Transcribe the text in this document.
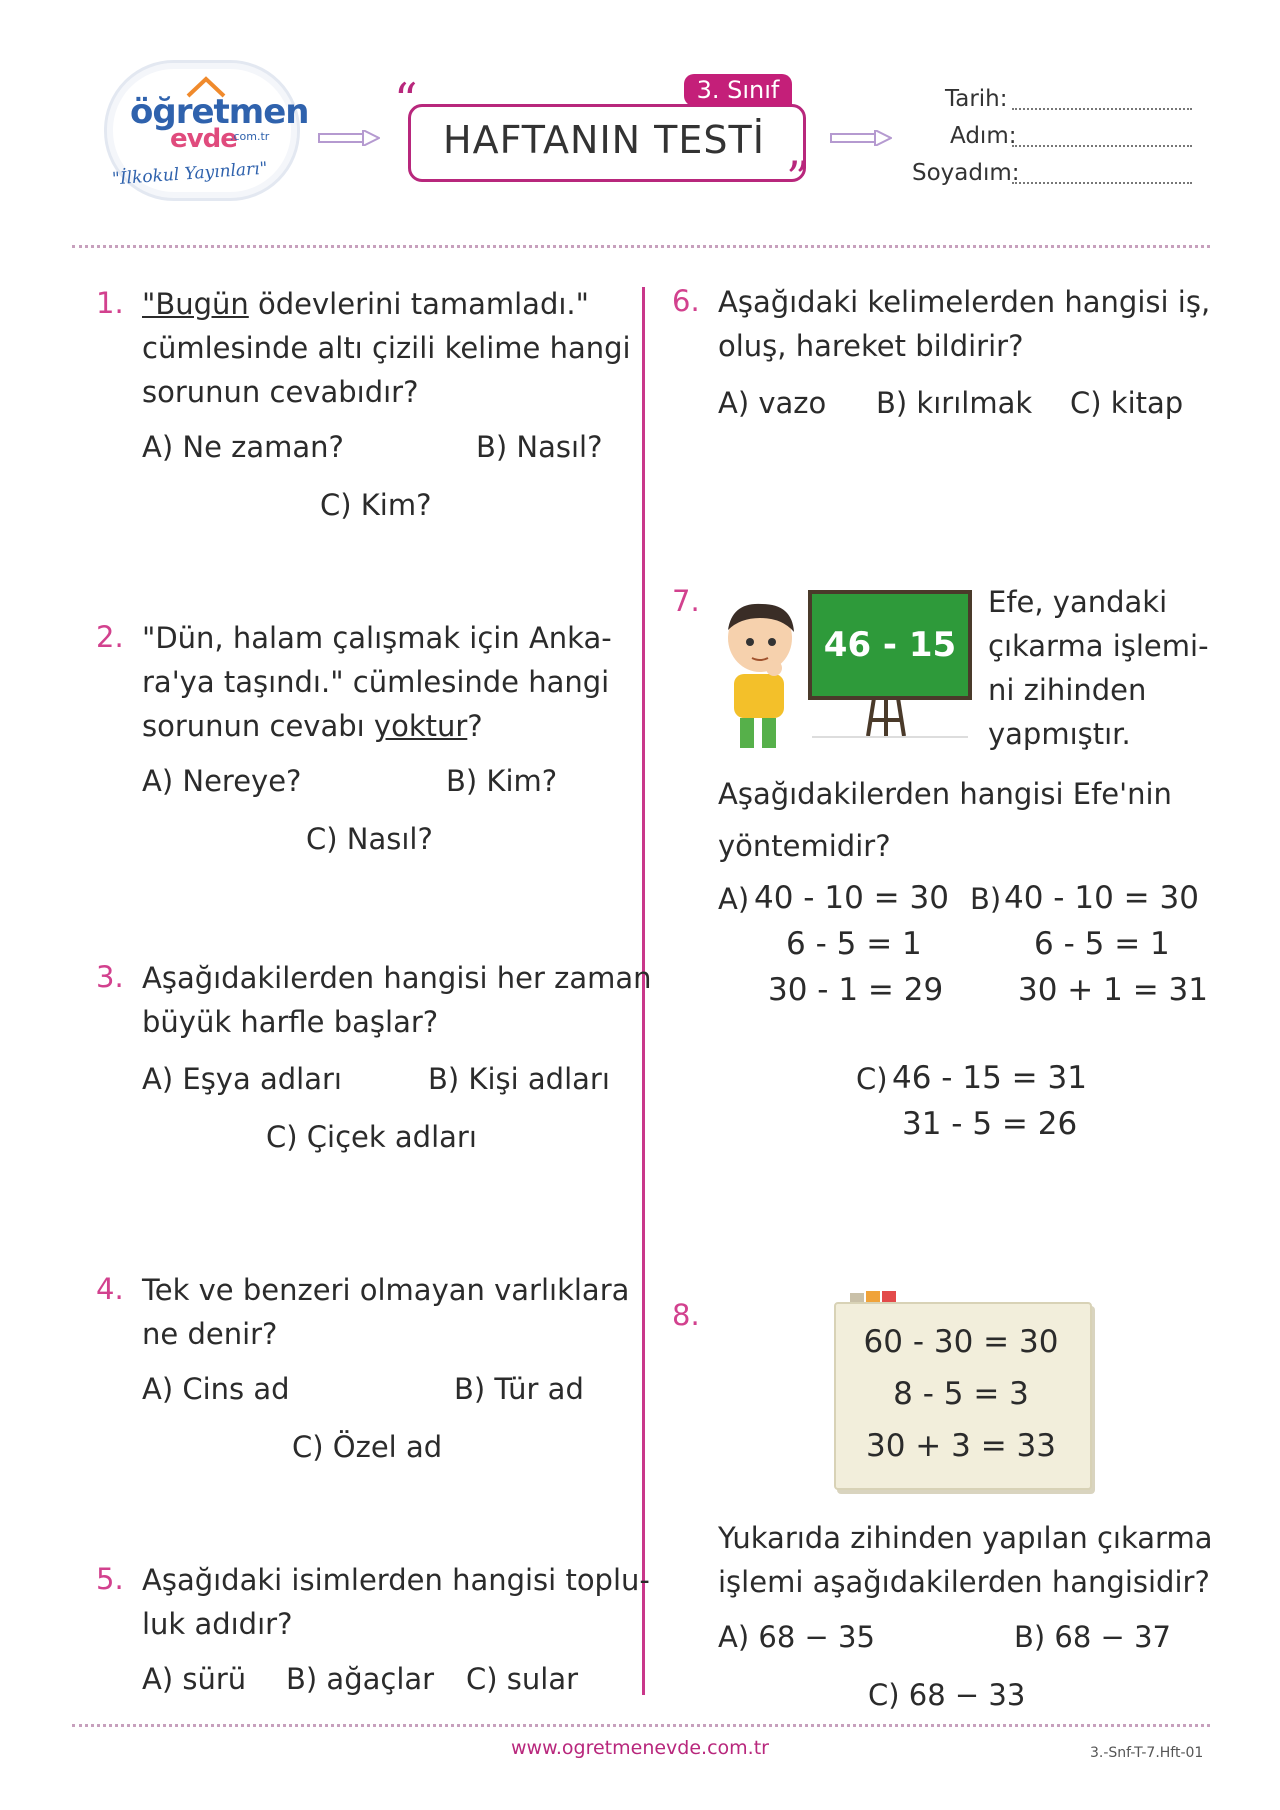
öğretmen
evde
.com.tr
"İlkokul Yayınları"
“
”
3. Sınıf
HAFTANIN TESTİ
Tarih:
Adım:
Soyadım:
1. "Bugün ödevlerini tamamladı."
cümlesinde altı çizili kelime hangi
sorunun cevabıdır?
A) Ne zaman?	B) Nasıl?
C) Kim?
2. "Dün, halam çalışmak için Anka-
ra'ya taşındı." cümlesinde hangi
sorunun cevabı yoktur?
A) Nereye?	B) Kim?
C) Nasıl?
3. Aşağıdakilerden hangisi her zaman
büyük harfle başlar?
A) Eşya adları	B) Kişi adları
C) Çiçek adları
4. Tek ve benzeri olmayan varlıklara
ne denir?
A) Cins ad	B) Tür ad
C) Özel ad
5. Aşağıdaki isimlerden hangisi toplu-
luk adıdır?
A) sürü B) ağaçlar C) sular
6. Aşağıdaki kelimelerden hangisi iş,
oluş, hareket bildirir?
A) vazo B) kırılmak C) kitap
7.
46 - 15
Efe, yandaki
çıkarma işlemi-
ni zihinden
yapmıştır.
Aşağıdakilerden hangisi Efe'nin
yöntemidir?
A) 40 - 10 = 30
6 - 5 = 1
30 - 1 = 29
B) 40 - 10 = 30
6 - 5 = 1
30 + 1 = 31
C) 46 - 15 = 31
31 - 5 = 26
8.
60 - 30 = 30
8 - 5 = 3
30 + 3 = 33
Yukarıda zihinden yapılan çıkarma
işlemi aşağıdakilerden hangisidir?
A) 68 − 35	B) 68 − 37
C) 68 − 33
www.ogretmenevde.com.tr	3.-Snf-T-7.Hft-01
